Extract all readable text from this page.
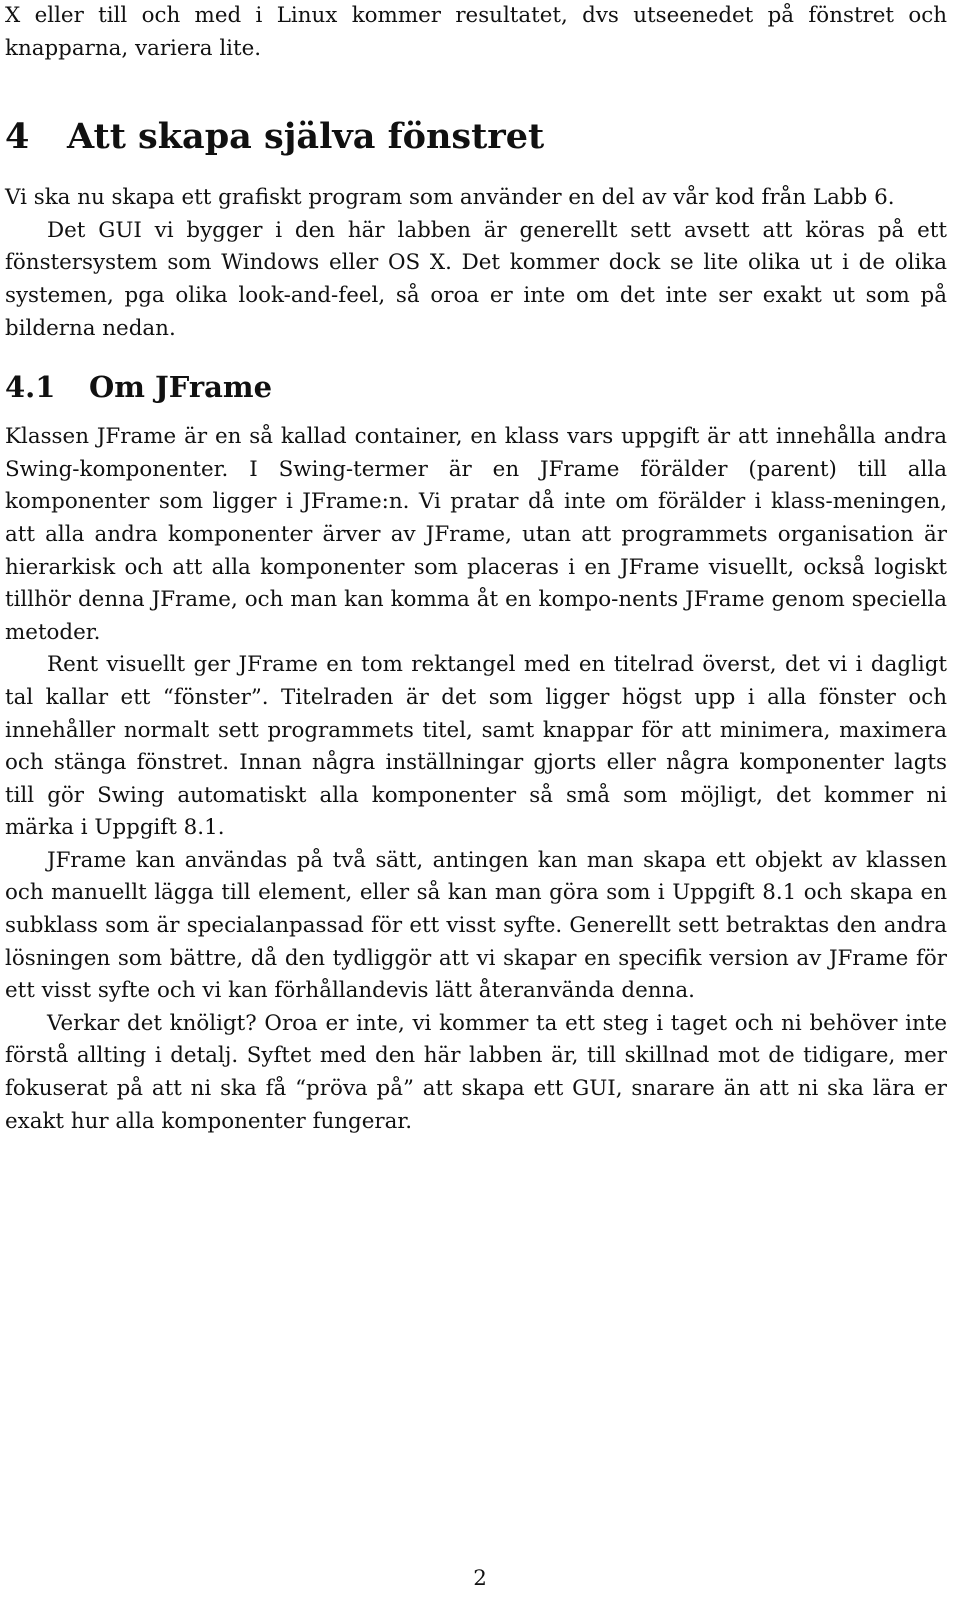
X eller till och med i Linux kommer resultatet, dvs utseenedet på fönstret och knapparna, variera lite.

4 Att skapa själva fönstret

Vi ska nu skapa ett grafiskt program som använder en del av vår kod från Labb 6.

Det GUI vi bygger i den här labben är generellt sett avsett att köras på ett fönstersystem som Windows eller OS X. Det kommer dock se lite olika ut i de olika systemen, pga olika look-and-feel, så oroa er inte om det inte ser exakt ut som på bilderna nedan.

4.1 Om JFrame

Klassen JFrame är en så kallad container, en klass vars uppgift är att innehålla andra Swing-komponenter. I Swing-termer är en JFrame förälder (parent) till alla komponenter som ligger i JFrame:n. Vi pratar då inte om förälder i klass-meningen, att alla andra komponenter ärver av JFrame, utan att programmets organisation är hierarkisk och att alla komponenter som placeras i en JFrame visuellt, också logiskt tillhör denna JFrame, och man kan komma åt en kompo-nents JFrame genom speciella metoder.

Rent visuellt ger JFrame en tom rektangel med en titelrad överst, det vi i dagligt tal kallar ett “fönster”. Titelraden är det som ligger högst upp i alla fönster och innehåller normalt sett programmets titel, samt knappar för att minimera, maximera och stänga fönstret. Innan några inställningar gjorts eller några komponenter lagts till gör Swing automatiskt alla komponenter så små som möjligt, det kommer ni märka i Uppgift 8.1.

JFrame kan användas på två sätt, antingen kan man skapa ett objekt av klassen och manuellt lägga till element, eller så kan man göra som i Uppgift 8.1 och skapa en subklass som är specialanpassad för ett visst syfte. Generellt sett betraktas den andra lösningen som bättre, då den tydliggör att vi skapar en specifik version av JFrame för ett visst syfte och vi kan förhållandevis lätt återanvända denna.

Verkar det knöligt? Oroa er inte, vi kommer ta ett steg i taget och ni behöver inte förstå allting i detalj. Syftet med den här labben är, till skillnad mot de tidigare, mer fokuserat på att ni ska få “pröva på” att skapa ett GUI, snarare än att ni ska lära er exakt hur alla komponenter fungerar.

2
